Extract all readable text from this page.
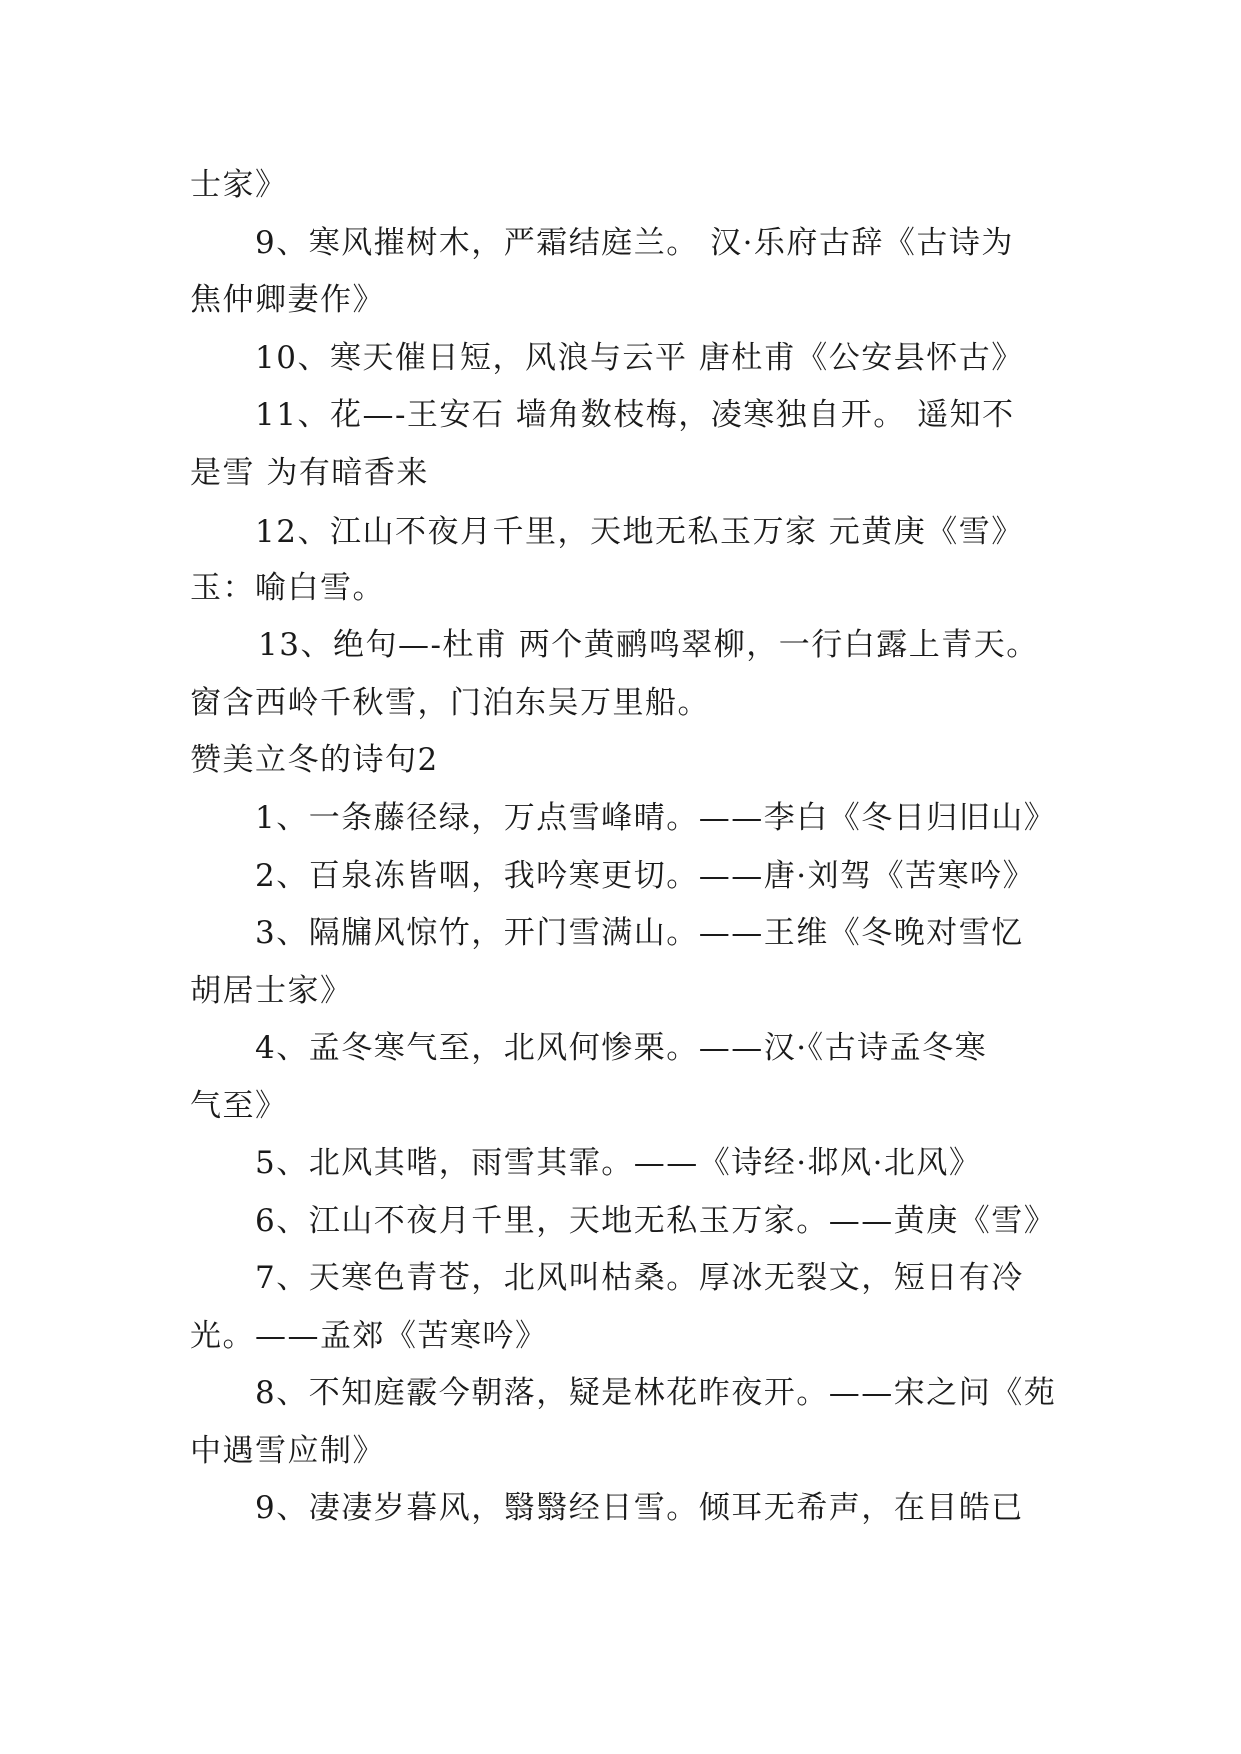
士家》
9、寒风摧树木，严霜结庭兰。 汉·乐府古辞《古诗为
焦仲卿妻作》
10、寒天催日短，风浪与云平 唐杜甫《公安县怀古》
11、花—-王安石 墙角数枝梅，凌寒独自开。 遥知不
是雪 为有暗香来
12、江山不夜月千里，天地无私玉万家 元黄庚《雪》
玉：喻白雪。
13、绝句—-杜甫 两个黄鹂鸣翠柳，一行白露上青天。
窗含西岭千秋雪，门泊东吴万里船。
赞美立冬的诗句2
1、一条藤径绿，万点雪峰晴。——李白《冬日归旧山》
2、百泉冻皆咽，我吟寒更切。——唐·刘驾《苦寒吟》
3、隔牖风惊竹，开门雪满山。——王维《冬晚对雪忆
胡居士家》
4、孟冬寒气至，北风何惨栗。——汉·《古诗孟冬寒
气至》
5、北风其喈，雨雪其霏。——《诗经·邶风·北风》
6、江山不夜月千里，天地无私玉万家。——黄庚《雪》
7、天寒色青苍，北风叫枯桑。厚冰无裂文，短日有冷
光。——孟郊《苦寒吟》
8、不知庭霰今朝落，疑是林花昨夜开。——宋之问《苑
中遇雪应制》
9、凄凄岁暮风，翳翳经日雪。倾耳无希声，在目皓已
